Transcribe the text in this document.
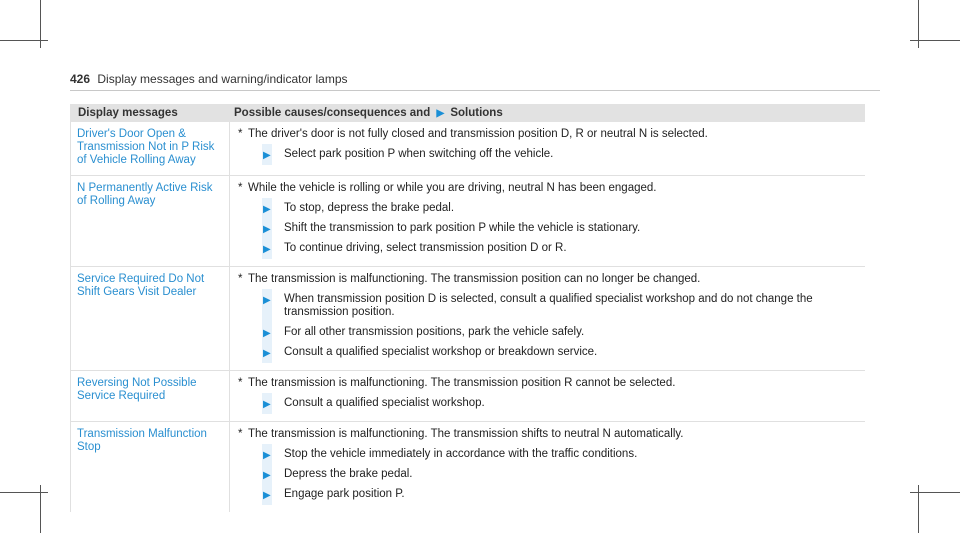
426 Display messages and warning/indicator lamps
Display messages	Possible causes/consequences and ▶ Solutions
Driver's Door Open & Transmission Not in P Risk of Vehicle Rolling Away
* The driver's door is not fully closed and transmission position D, R or neutral N is selected.
▶ Select park position P when switching off the vehicle.
N Permanently Active Risk of Rolling Away
* While the vehicle is rolling or while you are driving, neutral N has been engaged.
▶ To stop, depress the brake pedal.
▶ Shift the transmission to park position P while the vehicle is stationary.
▶ To continue driving, select transmission position D or R.
Service Required Do Not Shift Gears Visit Dealer
* The transmission is malfunctioning. The transmission position can no longer be changed.
▶ When transmission position D is selected, consult a qualified specialist workshop and do not change the transmission position.
▶ For all other transmission positions, park the vehicle safely.
▶ Consult a qualified specialist workshop or breakdown service.
Reversing Not Possible Service Required
* The transmission is malfunctioning. The transmission position R cannot be selected.
▶ Consult a qualified specialist workshop.
Transmission Malfunction Stop
* The transmission is malfunctioning. The transmission shifts to neutral N automatically.
▶ Stop the vehicle immediately in accordance with the traffic conditions.
▶ Depress the brake pedal.
▶ Engage park position P.
